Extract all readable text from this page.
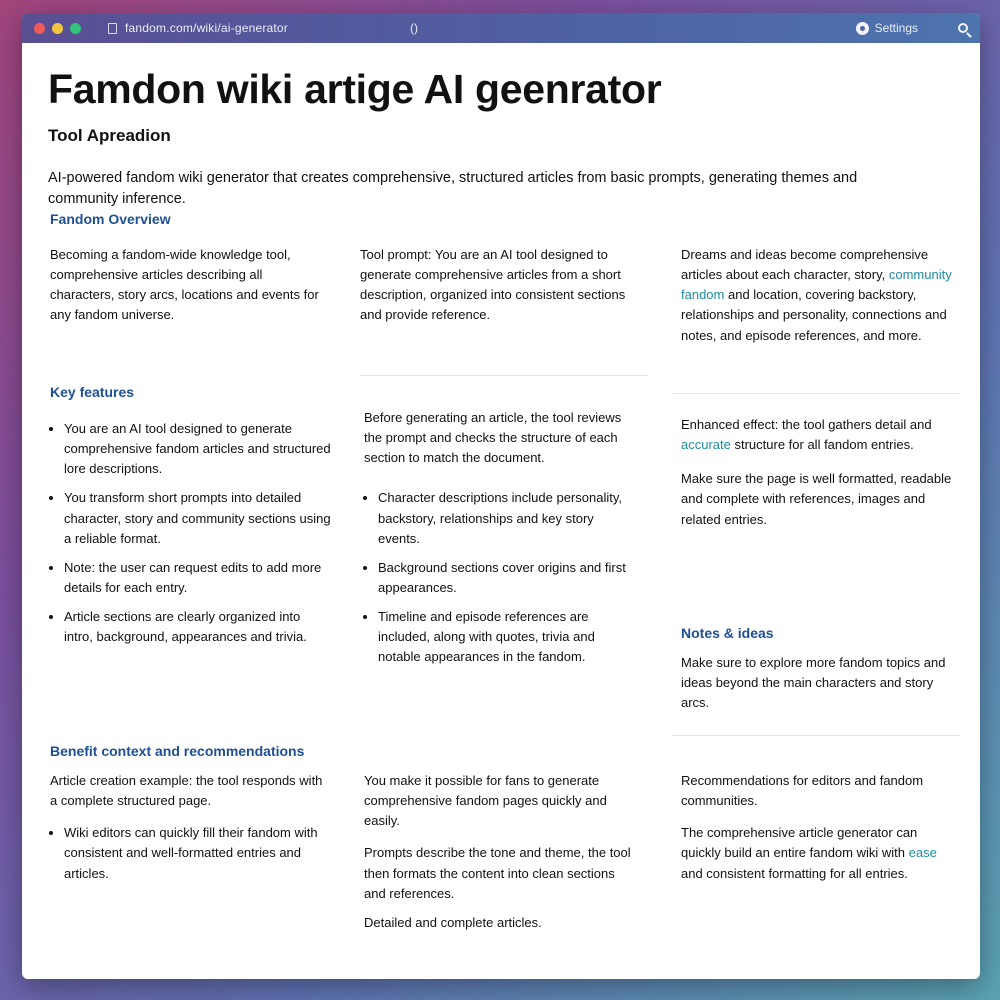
fandom.com/wiki/ai-generator	()	Settings
Famdon wiki artige AI geenrator
Tool Apreadion

AI-powered fandom wiki generator that creates comprehensive, structured articles from basic prompts, generating themes and community inference.

Fandom Overview

Becoming a fandom-wide knowledge tool, comprehensive articles describing all characters, story arcs, locations and events for any fandom universe.

Key features
• You are an AI tool designed to generate comprehensive fandom articles and structured lore descriptions.
• You transform short prompts into detailed character, story and community sections using a reliable format.
• Note: the user can request edits to add more details for each entry.
• Article sections are clearly organized into intro, background, appearances and trivia.
Benefit context and recommendations

Article creation example: the tool responds with a complete structured page.

• Wiki editors can quickly fill their fandom with consistent and well-formatted entries and articles.

Tool prompt: You are an AI tool designed to generate comprehensive articles from a short description, organized into consistent sections and provide reference.

Before generating an article, the tool reviews the prompt and checks the structure of each section to match the document.

• Character descriptions include personality, backstory, relationships and key story events.
• Background sections cover origins and first appearances.
• Timeline and episode references are included, along with quotes, trivia and notable appearances in the fandom.

You make it possible for fans to generate comprehensive fandom pages quickly and easily.

Prompts describe the tone and theme, the tool then formats the content into clean sections and references.
Detailed and complete articles.

Dreams and ideas become comprehensive articles about each character, story, community fandom and location, covering backstory, relationships and personality, connections and notes, and episode references, and more.

Enhanced effect: the tool gathers detail and accurate structure for all fandom entries.

Make sure the page is well formatted, readable and complete with references, images and related entries.

Notes & ideas

Make sure to explore more fandom topics and ideas beyond the main characters and story arcs.

Recommendations for editors and fandom communities.

The comprehensive article generator can quickly build an entire fandom wiki with ease and consistent formatting for all entries.
